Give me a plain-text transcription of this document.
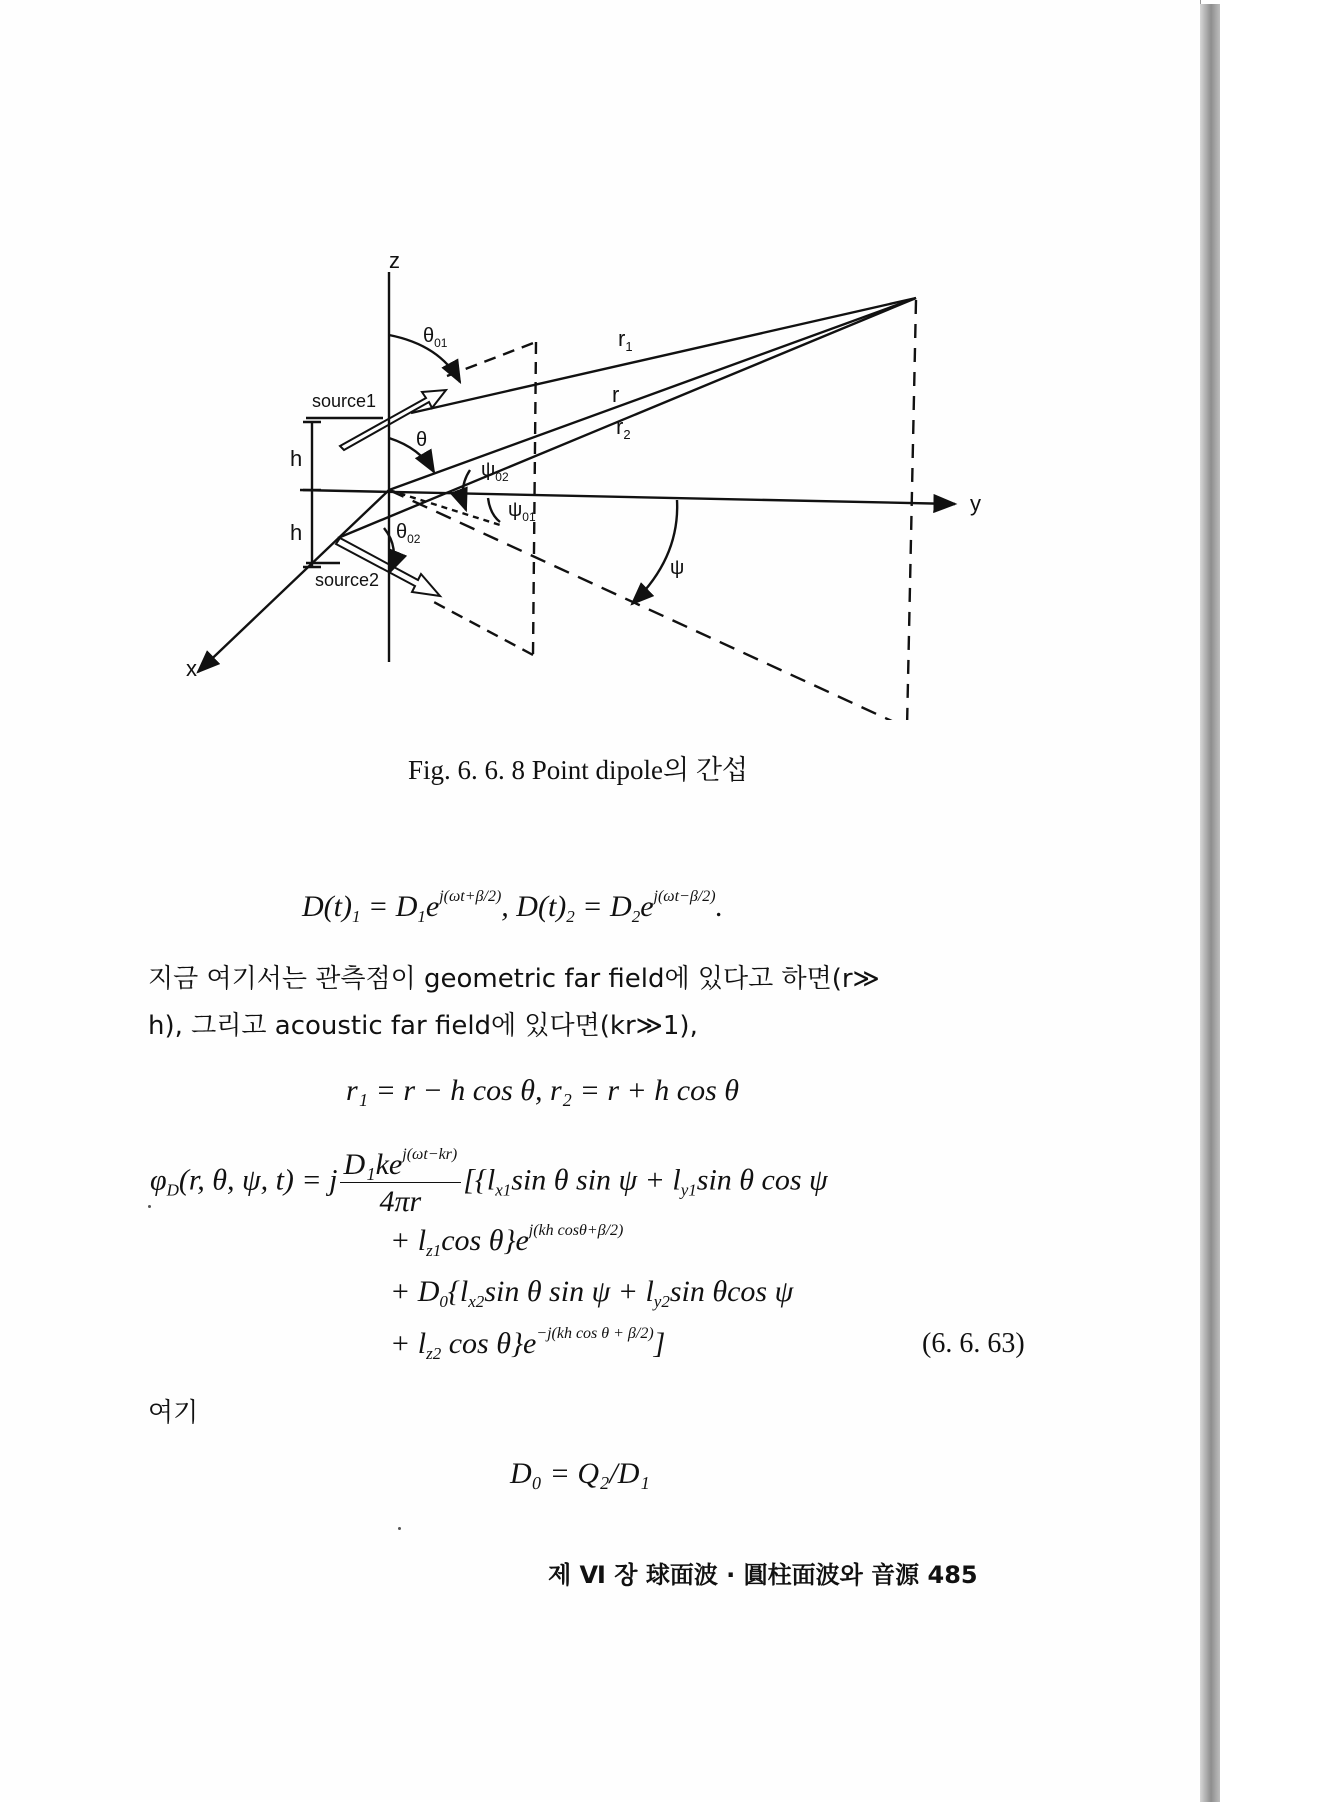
z
y
x
source1
source2
h
h
$\theta_{01}$
θ
$\theta_{02}$
$\psi_{02}$
$\psi_{01}$
ψ
$r_1$
r
$r_2$
Fig. 6. 6. 8 Point dipole의 간섭
$D(t)_1 = D_1e^{j(\omega t+\beta/2)}$, $D(t)_2 = D_2e^{j(\omega t-\beta/2)}$.
지금 여기서는 관측점이 geometric far field에 있다고 하면(r≫
h), 그리고 acoustic far field에 있다면(kr≫1),
r₁ = r − h cos θ, r₂ = r + h cos θ
$\varphi_D(r$, θ, ψ, t) = j $\frac{D_1ke^{j(\omega t-kr)}}{4\pi r} [\{l_{x1}\sin$ θ $\sin \psi + l_{y1}\sin$ θ cos ψ
+ $l_{z1}\cos$ $\theta\}e^{j(kh cos\theta+\beta/2)}$
+ $D_0\{l_{x2}\sin$ θ $\sin \psi + l_{y2}\sin$ θcos ψ
+ $l_{z2}$ $\cos \theta\}e^{-j(kh cos \theta + \beta/2)}$]	(6. 6. 63)
여기
D₀ = Q₂/D₁
제 Ⅵ 장 球面波 · 圓柱面波와 音源 485
